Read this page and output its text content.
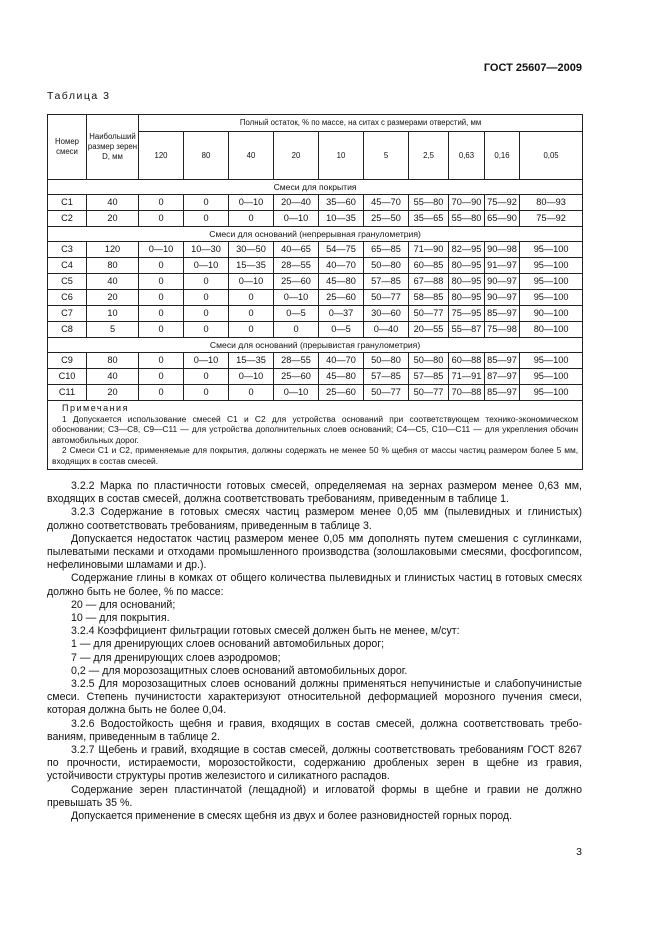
ГОСТ 25607—2009
Таблица 3
Номер смеси	Наибольший размер зерен D, мм	Полный остаток, % по массе, на ситах с размерами отверстий, мм									
		120	80	40	20	10	5	2,5	0,63	0,16	0,05
Смеси для покрытия											
С1	40	0	0	0—10	20—40	35—60	45—70	55—80	70—90	75—92	80—93
С2	20	0	0	0	0—10	10—35	25—50	35—65	55—80	65—90	75—92
Смеси для оснований (непрерывная гранулометрия)											
С3	120	0—10	10—30	30—50	40—65	54—75	65—85	71—90	82—95	90—98	95—100
С4	80	0	0—10	15—35	28—55	40—70	50—80	60—85	80—95	91—97	95—100
С5	40	0	0	0—10	25—60	45—80	57—85	67—88	80—95	90—97	95—100
С6	20	0	0	0	0—10	25—60	50—77	58—85	80—95	90—97	95—100
С7	10	0	0	0	0—5	0—37	30—60	50—77	75—95	85—97	90—100
С8	5	0	0	0	0	0—5	0—40	20—55	55—87	75—98	80—100
Смеси для оснований (прерывистая гранулометрия)											
С9	80	0	0—10	15—35	28—55	40—70	50—80	50—80	60—88	85—97	95—100
С10	40	0	0	0—10	25—60	45—80	57—85	57—85	71—91	87—97	95—100
С11	20	0	0	0	0—10	25—60	50—77	50—77	70—88	85—97	95—100

Примечания
1 Допускается использование смесей С1 и С2 для устройства оснований при соответствующем технико-экономическом обосновании; С3—С8, С9—С11 — для устройства дополнительных слоев оснований; С4—С5, С10—С11 — для укрепления обочин автомобильных дорог.
2 Смеси С1 и С2, применяемые для покрытия, должны содержать не менее 50 % щебня от массы частиц размером более 5 мм, входящих в состав смесей.											

3.2.2 Марка по пластичности готовых смесей, определяемая на зернах размером менее 0,63 мм, входящих в состав смесей, должна соответствовать требованиям, приведенным в таблице 1.

3.2.3 Содержание в готовых смесях частиц размером менее 0,05 мм (пылевидных и глинистых) должно соответствовать требованиям, приведенным в таблице 3.

Допускается недостаток частиц размером менее 0,05 мм дополнять путем смешения с суглинками, пылеватыми песками и отходами промышленного производства (золошлаковыми смесями, фосфогипсом, нефелиновыми шламами и др.).

Содержание глины в комках от общего количества пылевидных и глинистых частиц в готовых смесях должно быть не более, % по массе:

20 — для оснований;

10 — для покрытия.

3.2.4 Коэффициент фильтрации готовых смесей должен быть не менее, м/сут:

1 — для дренирующих слоев оснований автомобильных дорог;

7 — для дренирующих слоев аэродромов;

0,2 — для морозозащитных слоев оснований автомобильных дорог.

3.2.5 Для морозозащитных слоев оснований должны применяться непучинистые и слабопучинистые смеси. Степень пучинистости характеризуют относительной деформацией морозного пучения смеси, которая должна быть не более 0,04.

3.2.6 Водостойкость щебня и гравия, входящих в состав смесей, должна соответствовать требованиям, приведенным в таблице 2.

3.2.7 Щебень и гравий, входящие в состав смесей, должны соответствовать требованиям ГОСТ 8267 по прочности, истираемости, морозостойкости, содержанию дробленых зерен в щебне из гравия, устойчивости структуры против железистого и силикатного распадов.

Содержание зерен пластинчатой (лещадной) и игловатой формы в щебне и гравии не должно превышать 35 %.

Допускается применение в смесях щебня из двух и более разновидностей горных пород.

3
